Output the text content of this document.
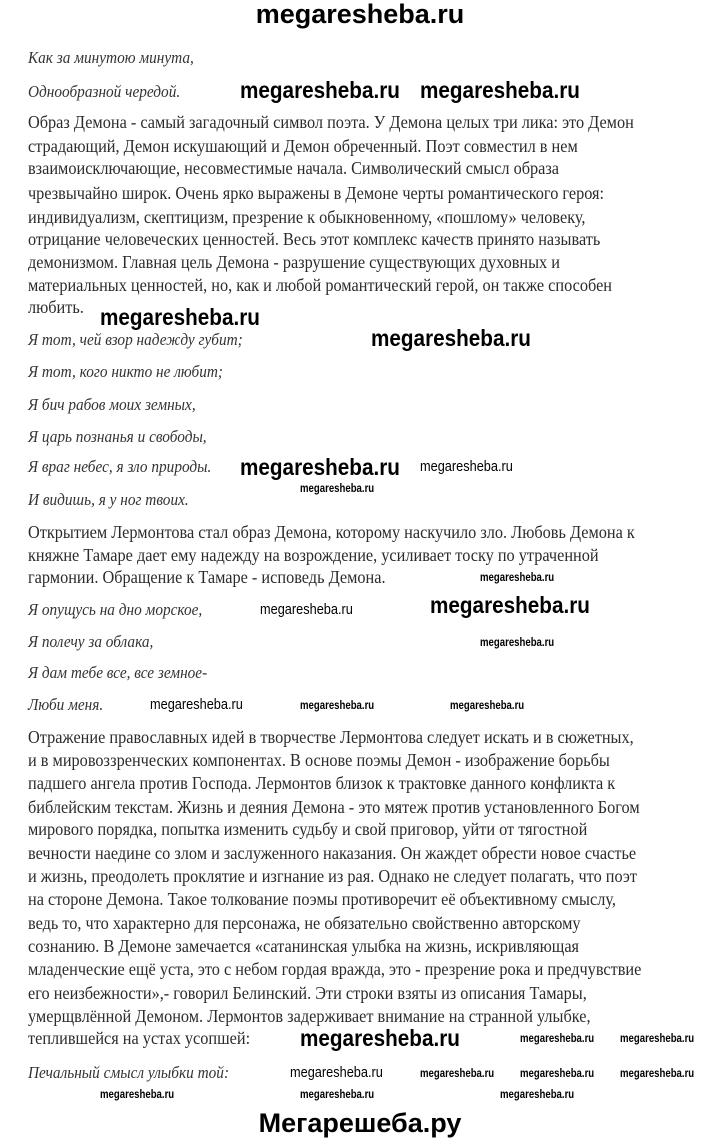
megaresheba.ru
Как за минутою минута,
Однообразной чередой.
Образ Демона - самый загадочный символ поэта. У Демона целых три лика: это Демон
страдающий, Демон искушающий и Демон обреченный. Поэт совместил в нем
взаимоисключающие, несовместимые начала. Символический смысл образа
чрезвычайно широк. Очень ярко выражены в Демоне черты романтического героя:
индивидуализм, скептицизм, презрение к обыкновенному, «пошлому» человеку,
отрицание человеческих ценностей. Весь этот комплекс качеств принято называть
демонизмом. Главная цель Демона - разрушение существующих духовных и
материальных ценностей, но, как и любой романтический герой, он также способен
любить.
Я тот, чей взор надежду губит;
Я тот, кого никто не любит;
Я бич рабов моих земных,
Я царь познанья и свободы,
Я враг небес, я зло природы.
И видишь, я у ног твоих.
Открытием Лермонтова стал образ Демона, которому наскучило зло. Любовь Демона к
княжне Тамаре дает ему надежду на возрождение, усиливает тоску по утраченной
гармонии. Обращение к Тамаре - исповедь Демона.
Я опущусь на дно морское,
Я полечу за облака,
Я дам тебе все, все земное-
Люби меня.
Отражение православных идей в творчестве Лермонтова следует искать и в сюжетных,
и в мировоззренческих компонентах. В основе поэмы Демон - изображение борьбы
падшего ангела против Господа. Лермонтов близок к трактовке данного конфликта к
библейским текстам. Жизнь и деяния Демона - это мятеж против установленного Богом
мирового порядка, попытка изменить судьбу и свой приговор, уйти от тягостной
вечности наедине со злом и заслуженного наказания. Он жаждет обрести новое счастье
и жизнь, преодолеть проклятие и изгнание из рая. Однако не следует полагать, что поэт
на стороне Демона. Такое толкование поэмы противоречит её объективному смыслу,
ведь то, что характерно для персонажа, не обязательно свойственно авторскому
сознанию. В Демоне замечается «сатанинская улыбка на жизнь, искривляющая
младенческие ещё уста, это с небом гордая вражда, это - презрение рока и предчувствие
его неизбежности»,- говорил Белинский. Эти строки взяты из описания Тамары,
умерщвлённой Демоном. Лермонтов задерживает внимание на странной улыбке,
теплившейся на устах усопшей:
Печальный смысл улыбки той:
megaresheba.ru megaresheba.ru
megaresheba.ru
megaresheba.ru
megaresheba.ru megaresheba.ru
megaresheba.ru
megaresheba.ru
megaresheba.ru	megaresheba.ru
megaresheba.ru
megaresheba.ru	megaresheba.ru	megaresheba.ru
megaresheba.ru	megaresheba.ru megaresheba.ru
megaresheba.ru	megaresheba.ru megaresheba.ru megaresheba.ru
megaresheba.ru	megaresheba.ru	megaresheba.ru
Мегарешеба.ру
